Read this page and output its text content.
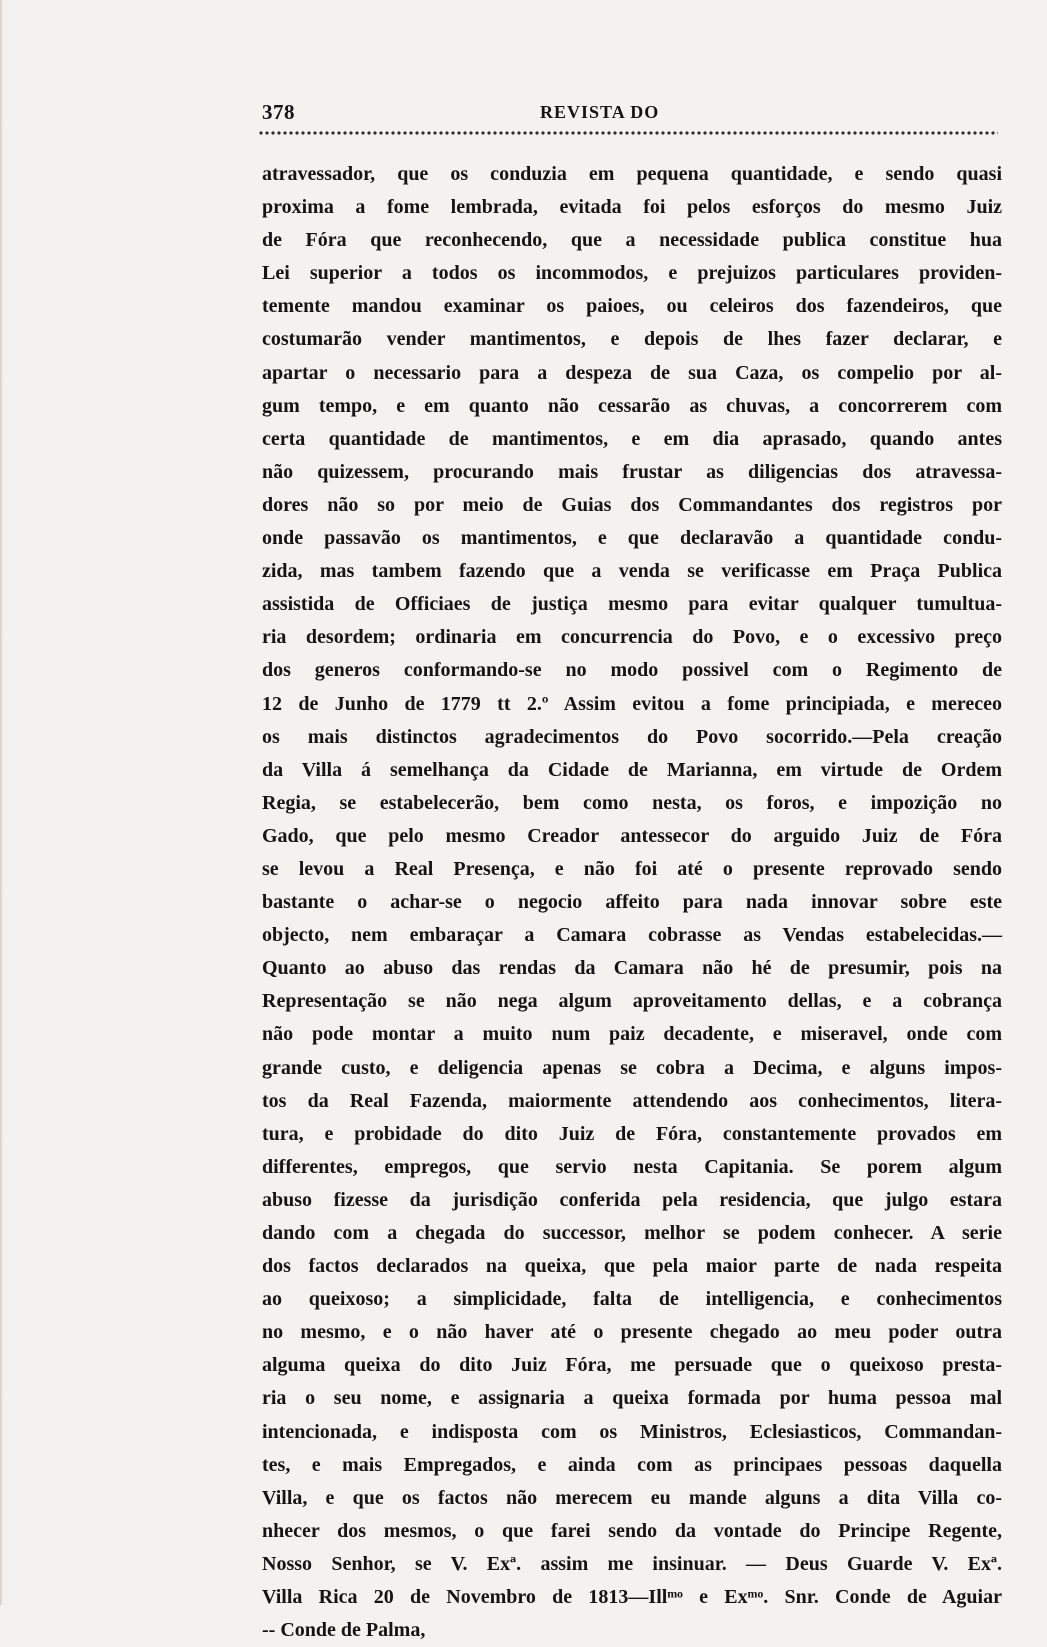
378	REVISTA DO
atravessador, que os conduzia em pequena quantidade, e sendo quasi
proxima a fome lembrada, evitada foi pelos esforços do mesmo Juiz
de Fóra que reconhecendo, que a necessidade publica constitue hua
Lei superior a todos os incommodos, e prejuizos particulares providen-
temente mandou examinar os paioes, ou celeiros dos fazendeiros, que
costumarão vender mantimentos, e depois de lhes fazer declarar, e
apartar o necessario para a despeza de sua Caza, os compelio por al-
gum tempo, e em quanto não cessarão as chuvas, a concorrerem com
certa quantidade de mantimentos, e em dia aprasado, quando antes
não quizessem, procurando mais frustar as diligencias dos atravessa-
dores não so por meio de Guias dos Commandantes dos registros por
onde passavão os mantimentos, e que declaravão a quantidade condu-
zida, mas tambem fazendo que a venda se verificasse em Praça Publica
assistida de Officiaes de justiça mesmo para evitar qualquer tumultua-
ria desordem; ordinaria em concurrencia do Povo, e o excessivo preço
dos generos conformando-se no modo possivel com o Regimento de
12 de Junho de 1779 tt 2.º Assim evitou a fome principiada, e mereceo
os mais distinctos agradecimentos do Povo socorrido.—Pela creação
da Villa á semelhança da Cidade de Marianna, em virtude de Ordem
Regia, se estabelecerão, bem como nesta, os foros, e impozição no
Gado, que pelo mesmo Creador antessecor do arguido Juiz de Fóra
se levou a Real Presença, e não foi até o presente reprovado sendo
bastante o achar-se o negocio affeito para nada innovar sobre este
objecto, nem embaraçar a Camara cobrasse as Vendas estabelecidas.—
Quanto ao abuso das rendas da Camara não hé de presumir, pois na
Representação se não nega algum aproveitamento dellas, e a cobrança
não pode montar a muito num paiz decadente, e miseravel, onde com
grande custo, e deligencia apenas se cobra a Decima, e alguns impos-
tos da Real Fazenda, maiormente attendendo aos conhecimentos, litera-
tura, e probidade do dito Juiz de Fóra, constantemente provados em
differentes, empregos, que servio nesta Capitania. Se porem algum
abuso fizesse da jurisdição conferida pela residencia, que julgo estara
dando com a chegada do successor, melhor se podem conhecer. A serie
dos factos declarados na queixa, que pela maior parte de nada respeita
ao queixoso; a simplicidade, falta de intelligencia, e conhecimentos
no mesmo, e o não haver até o presente chegado ao meu poder outra
alguma queixa do dito Juiz Fóra, me persuade que o queixoso presta-
ria o seu nome, e assignaria a queixa formada por huma pessoa mal
intencionada, e indisposta com os Ministros, Eclesiasticos, Commandan-
tes, e mais Empregados, e ainda com as principaes pessoas daquella
Villa, e que os factos não merecem eu mande alguns a dita Villa co-
nhecer dos mesmos, o que farei sendo da vontade do Principe Regente,
Nosso Senhor, se V. Exª. assim me insinuar. — Deus Guarde V. Exª.
Villa Rica 20 de Novembro de 1813—Illᵐᵒ e Exᵐᵒ. Snr. Conde de Aguiar
-- Conde de Palma,
